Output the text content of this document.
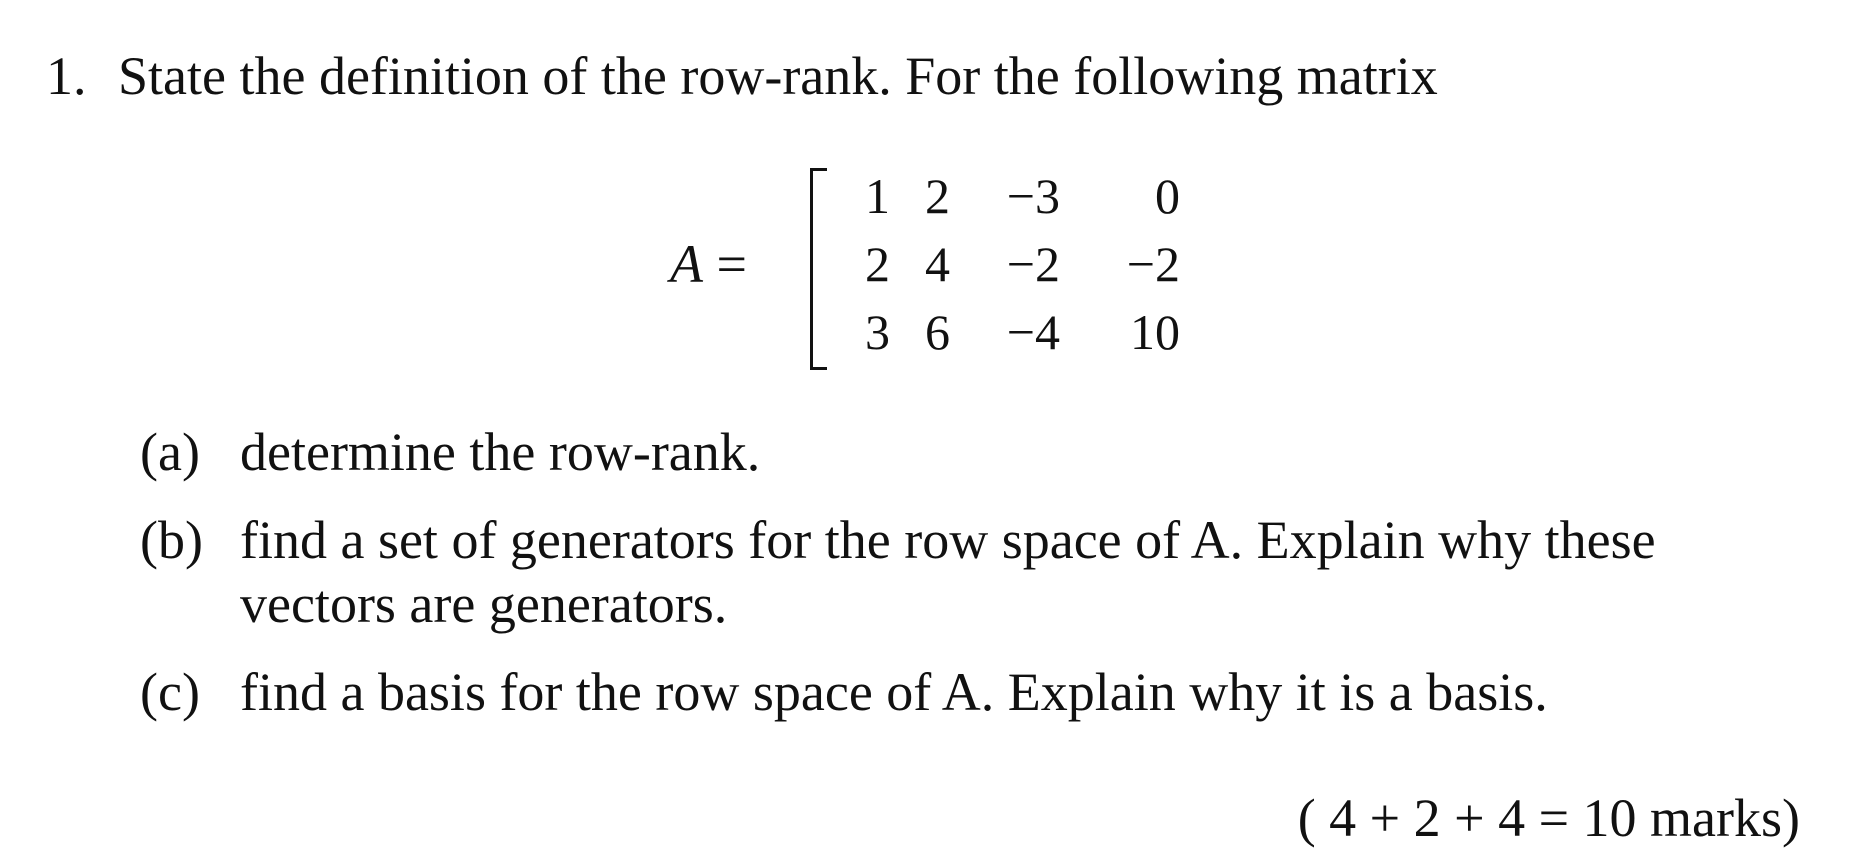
1. State the definition of the row-rank. For the following matrix
A =
1 2	−3	0
2 4	−2	−2
3 6	−4	10
(a) determine the row-rank.
(b) find a set of generators for the row space of A. Explain why these
vectors are generators.
(c) find a basis for the row space of A. Explain why it is a basis.
( 4 + 2 + 4 = 10 marks)
